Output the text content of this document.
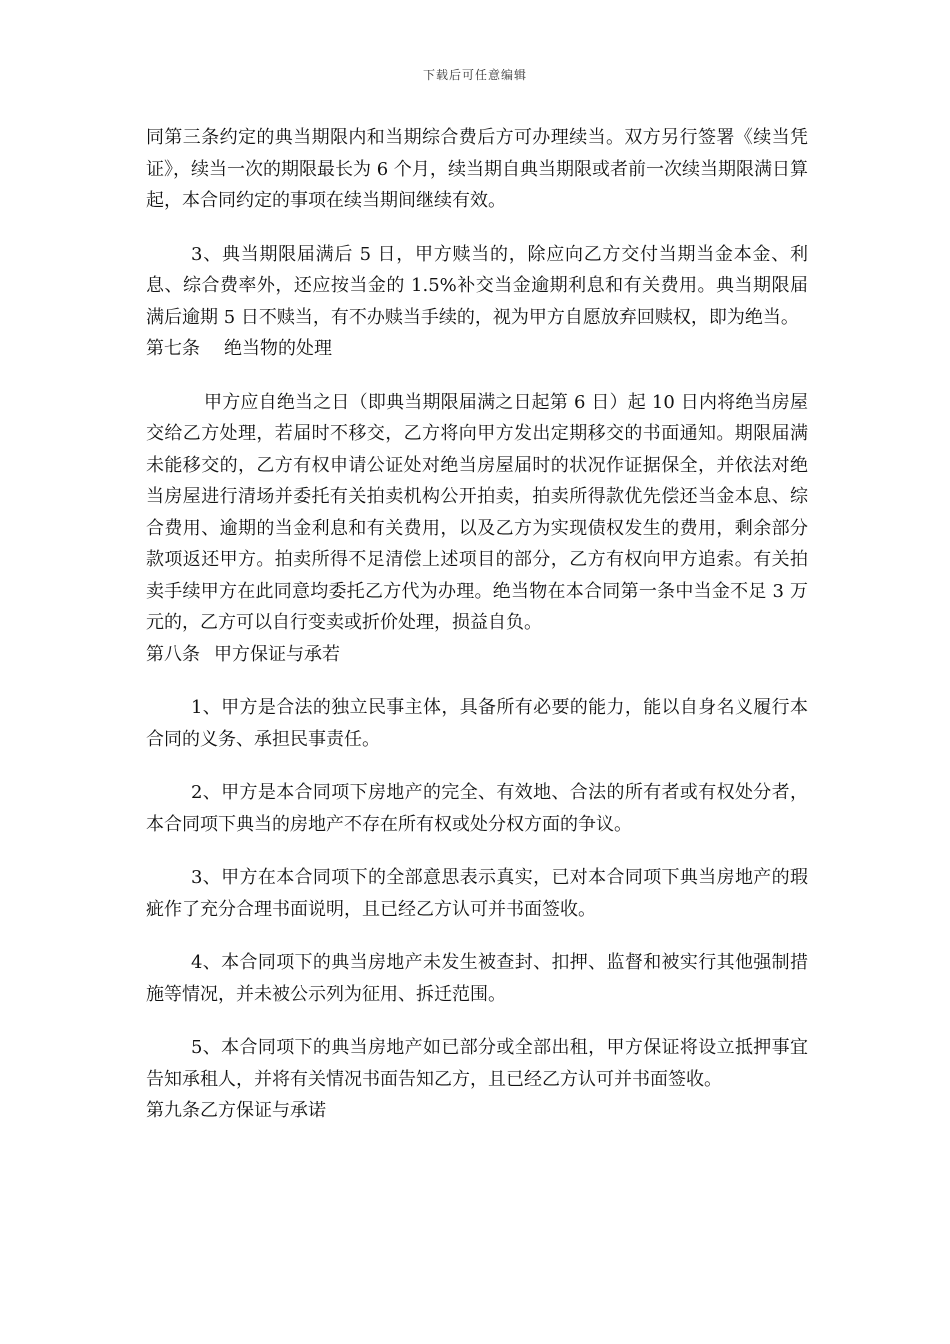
下载后可任意编辑

同第三条约定的典当期限内和当期综合费后方可办理续当。双方另行签署《续当凭证》，续当一次的期限最长为 6 个月，续当期自典当期限或者前一次续当期限满日算起，本合同约定的事项在续当期间继续有效。

3、典当期限届满后 5 日，甲方赎当的，除应向乙方交付当期当金本金、利息、综合费率外，还应按当金的 1.5%补交当金逾期利息和有关费用。典当期限届满后逾期 5 日不赎当，有不办赎当手续的，视为甲方自愿放弃回赎权，即为绝当。

第七条 绝当物的处理

甲方应自绝当之日（即典当期限届满之日起第 6 日）起 10 日内将绝当房屋交给乙方处理，若届时不移交，乙方将向甲方发出定期移交的书面通知。期限届满未能移交的，乙方有权申请公证处对绝当房屋届时的状况作证据保全，并依法对绝当房屋进行清场并委托有关拍卖机构公开拍卖，拍卖所得款优先偿还当金本息、综合费用、逾期的当金利息和有关费用，以及乙方为实现债权发生的费用，剩余部分款项返还甲方。拍卖所得不足清偿上述项目的部分，乙方有权向甲方追索。有关拍卖手续甲方在此同意均委托乙方代为办理。绝当物在本合同第一条中当金不足 3 万元的，乙方可以自行变卖或折价处理，损益自负。

第八条 甲方保证与承若

1、甲方是合法的独立民事主体，具备所有必要的能力，能以自身名义履行本合同的义务、承担民事责任。

2、甲方是本合同项下房地产的完全、有效地、合法的所有者或有权处分者，本合同项下典当的房地产不存在所有权或处分权方面的争议。

3、甲方在本合同项下的全部意思表示真实，已对本合同项下典当房地产的瑕疵作了充分合理书面说明，且已经乙方认可并书面签收。

4、本合同项下的典当房地产未发生被查封、扣押、监督和被实行其他强制措施等情况，并未被公示列为征用、拆迁范围。

5、本合同项下的典当房地产如已部分或全部出租，甲方保证将设立抵押事宜告知承租人，并将有关情况书面告知乙方，且已经乙方认可并书面签收。

第九条乙方保证与承诺
